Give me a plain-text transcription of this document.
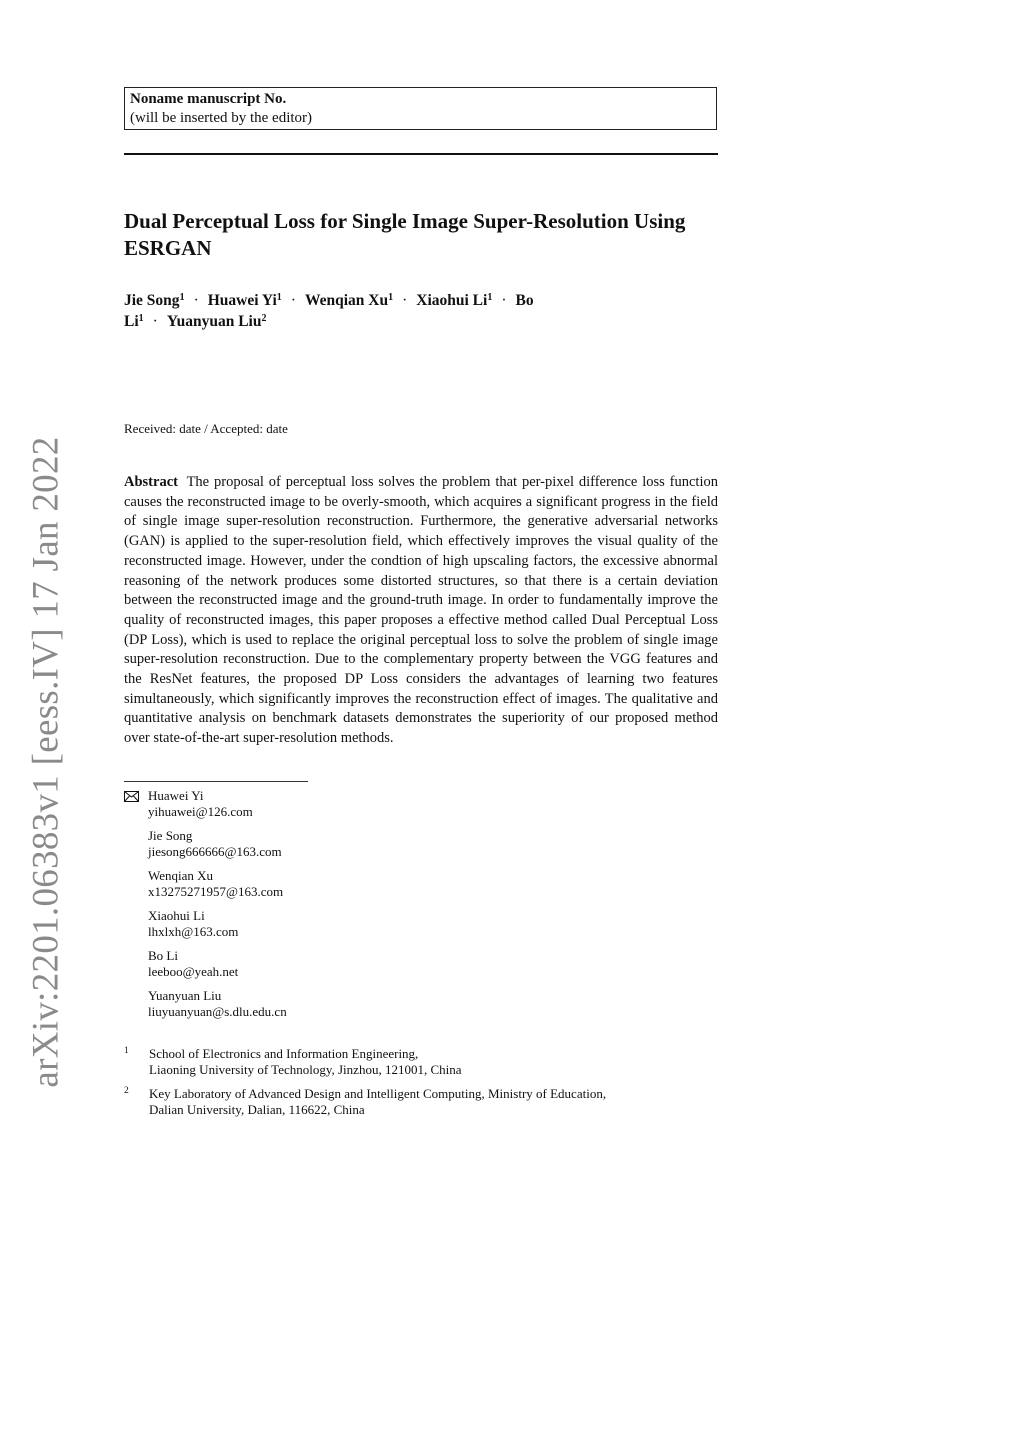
arXiv:2201.06383v1 [eess.IV] 17 Jan 2022
Noname manuscript No.
(will be inserted by the editor)
Dual Perceptual Loss for Single Image Super-Resolution Using
ESRGAN
Jie Song$^1$ · Huawei $Yi^1$ · Wenqian $Xu^1$ · Xiaohui $Li^1 \cdot Bo$ $Li^1$ · Yuanyuan Liu$^2$
Received: date / Accepted: date

Abstract The proposal of perceptual loss solves the problem that per-pixel difference loss function causes the reconstructed image to be overly-smooth, which acquires a significant progress in the field of single image super-resolution reconstruction. Furthermore, the generative adversarial networks (GAN) is applied to the super-resolution field, which effectively improves the visual quality of the reconstructed image. However, under the condtion of high upscaling factors, the excessive abnormal reasoning of the network produces some distorted structures, so that there is a certain deviation between the reconstructed image and the ground-truth image. In order to fundamentally improve the quality of reconstructed images, this paper proposes a effective method called Dual Perceptual Loss (DP Loss), which is used to replace the original perceptual loss to solve the problem of single image super-resolution reconstruction. Due to the complementary property between the VGG features and the ResNet features, the proposed DP Loss considers the advantages of learning two features simultaneously, which significantly improves the reconstruction effect of images. The qualitative and quantitative analysis on benchmark datasets demonstrates the superiority of our proposed method over state-of-the-art super-resolution methods.

Huawei Yi
yihuawei@126.com
Jie Song
jiesong666666@163.com
Wenqian Xu
x13275271957@163.com
Xiaohui Li
lhxlxh@163.com
Bo Li
leeboo@yeah.net
Yuanyuan Liu
liuyuanyuan@s.dlu.edu.cn
1 School of Electronics and Information Engineering,
Liaoning University of Technology, Jinzhou, 121001, China
2 Key Laboratory of Advanced Design and Intelligent Computing, Ministry of Education,
Dalian University, Dalian, 116622, China
